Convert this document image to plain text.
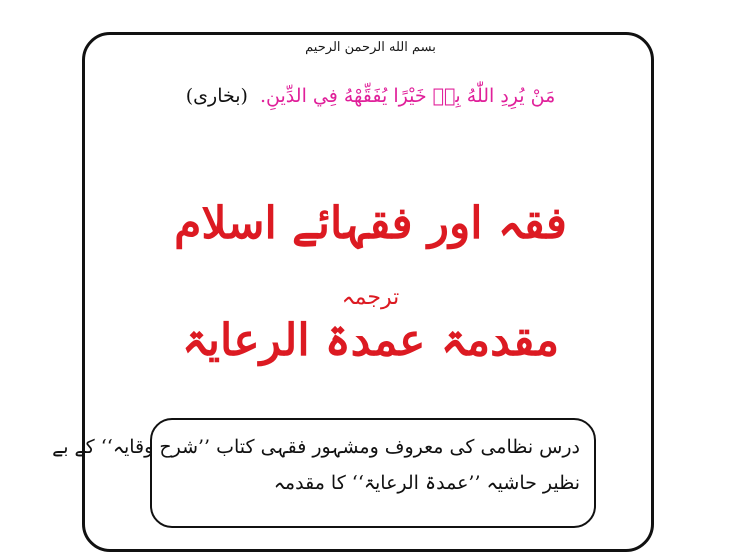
بسم الله الرحمن الرحیم
مَنْ يُرِدِ اللّٰهُ بِهٖ خَيْرًا يُفَقِّهْهُ فِي الدِّينِ. (بخاری)
فقہ اور فقہائے اسلام
ترجمہ
مقدمۃ عمدۃ الرعایۃ
درس نظامی کی معروف ومشہور فقہی کتاب ’’شرح وقایہ‘‘ کے بے
نظیر حاشیہ ’’عمدۃ الرعایۃ‘‘ کا مقدمہ
